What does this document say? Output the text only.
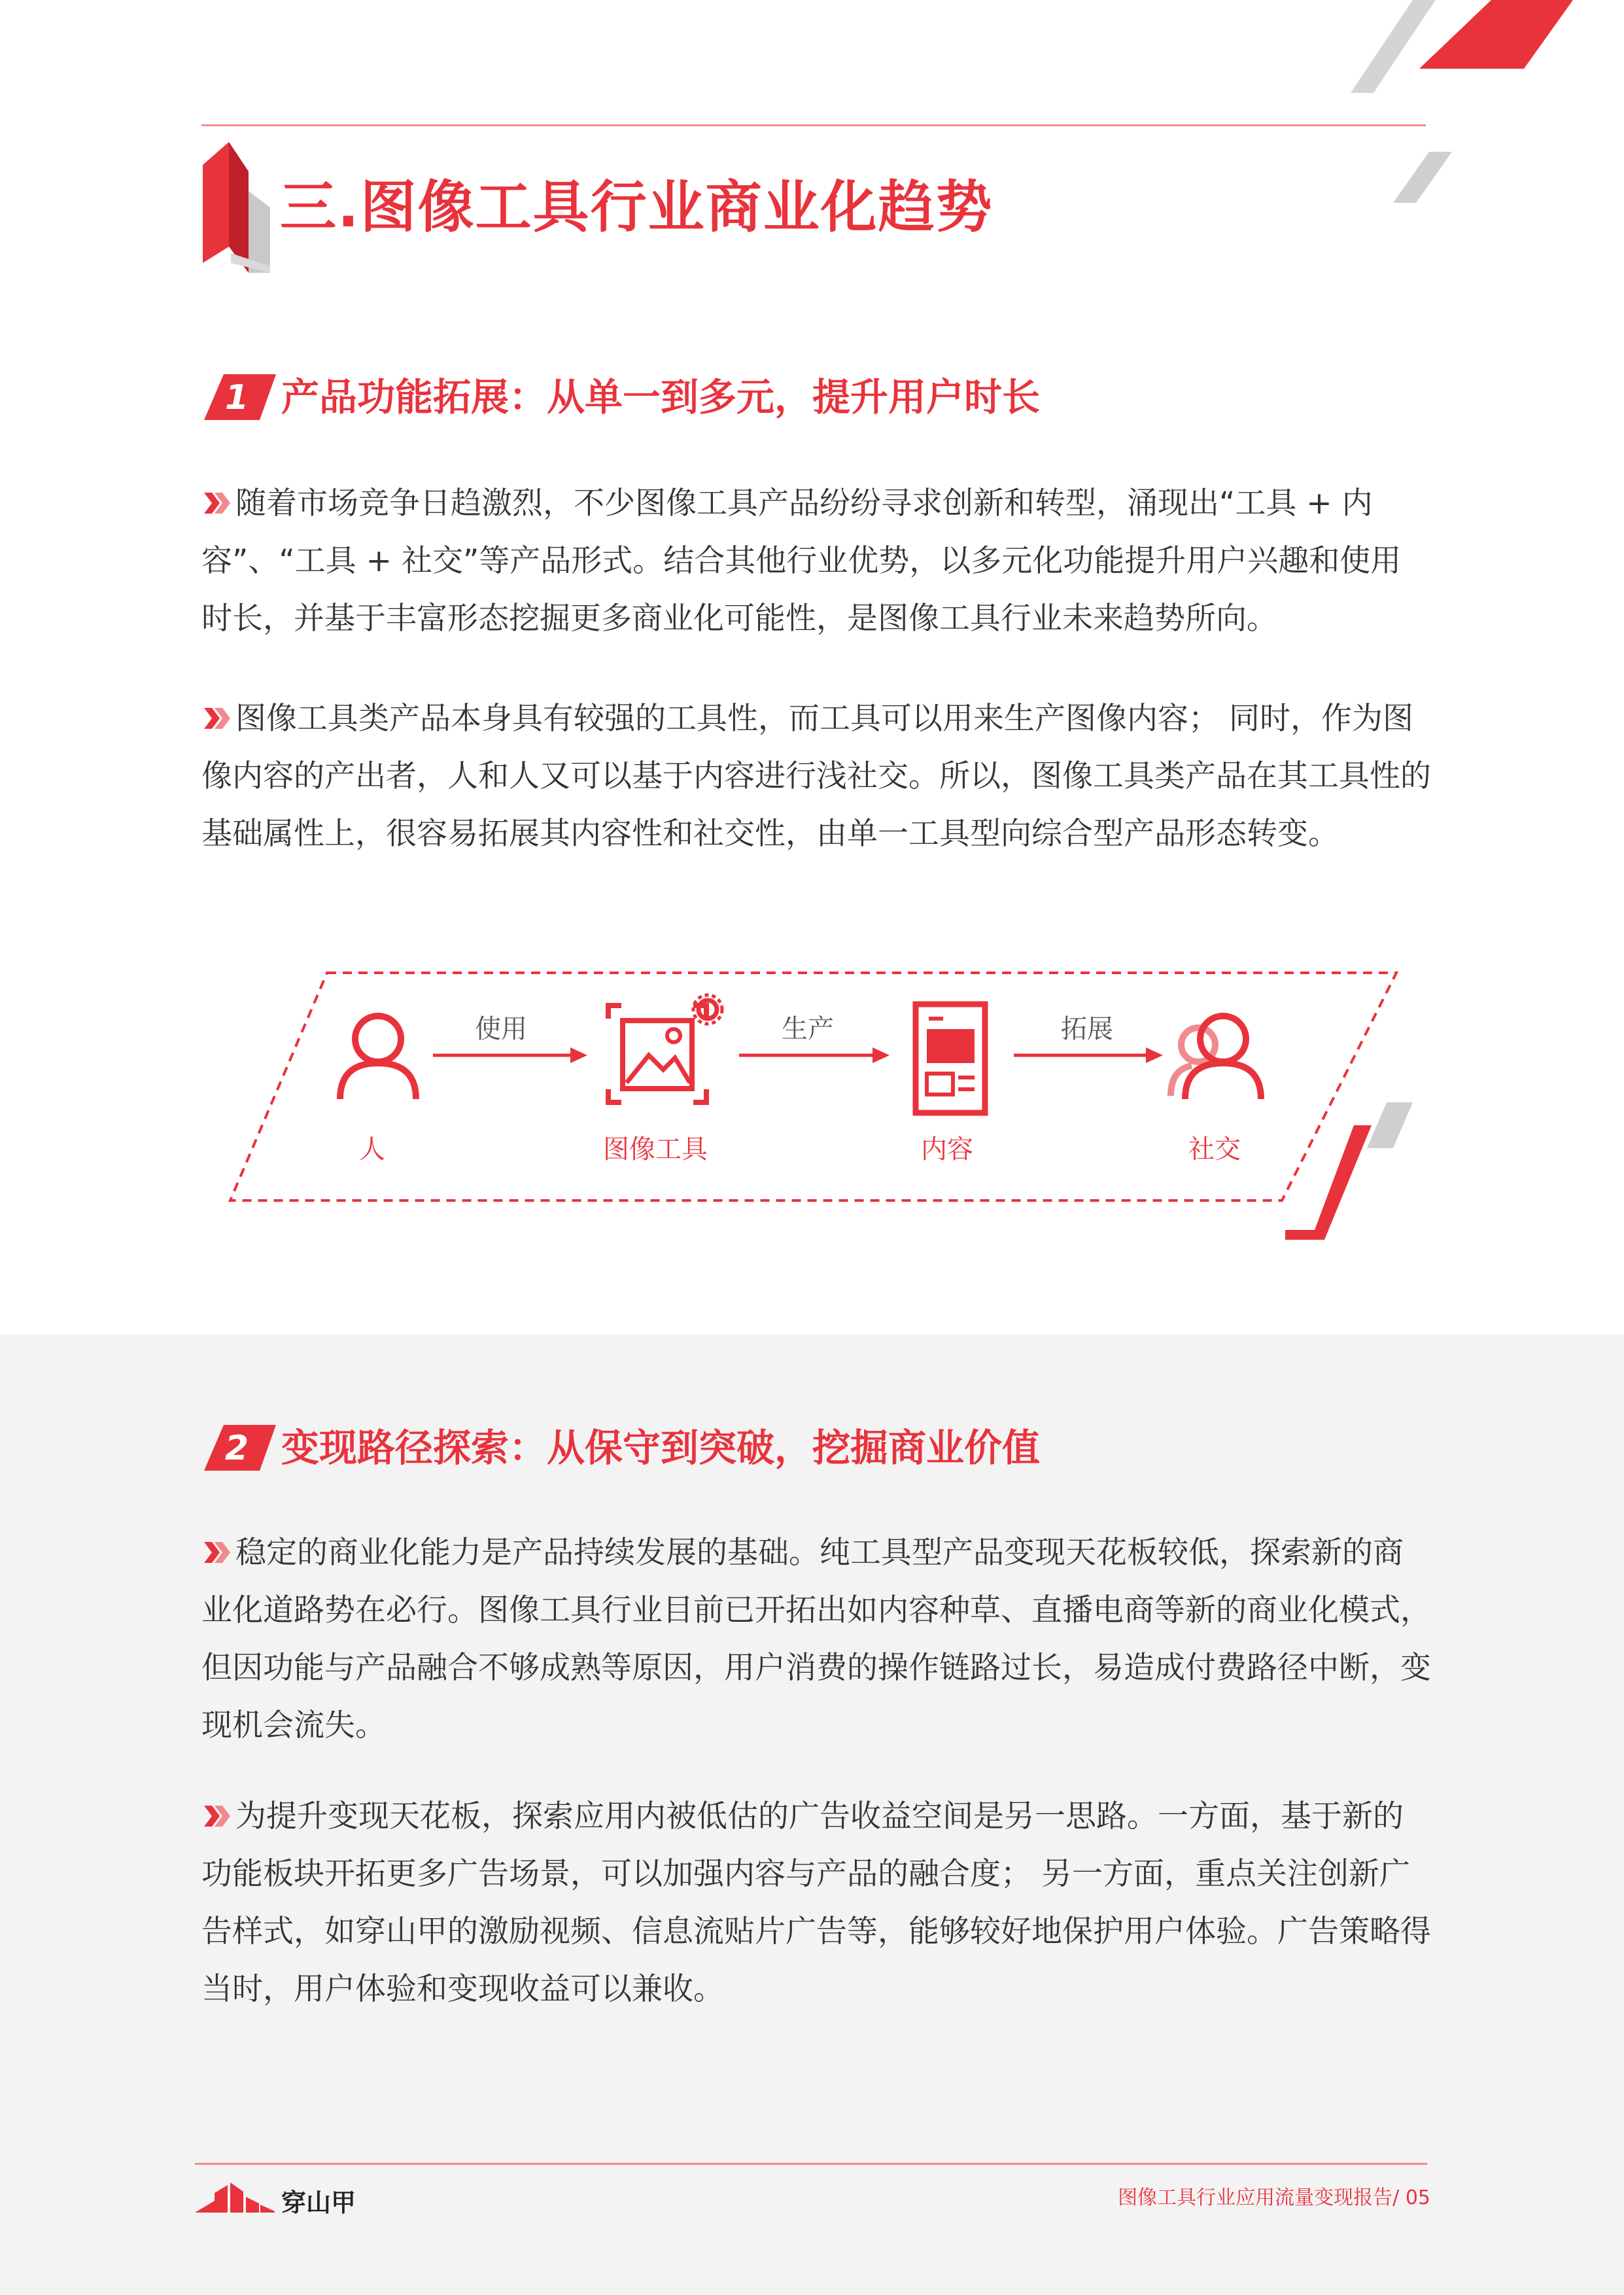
三.图像工具行业商业化趋势
1 产品功能拓展：从单一到多元，提升用户时长

随着市场竞争日趋激烈，不少图像工具产品纷纷寻求创新和转型，涌现出“工具 + 内容”、“工具 + 社交”等产品形式。结合其他行业优势，以多元化功能提升用户兴趣和使用时长，并基于丰富形态挖掘更多商业化可能性，是图像工具行业未来趋势所向。

图像工具类产品本身具有较强的工具性，而工具可以用来生产图像内容； 同时，作为图像内容的产出者，人和人又可以基于内容进行浅社交。所以，图像工具类产品在其工具性的基础属性上，很容易拓展其内容性和社交性，由单一工具型向综合型产品形态转变。

使用	生产	拓展
人	图像工具	内容	社交
2 变现路径探索：从保守到突破，挖掘商业价值

稳定的商业化能力是产品持续发展的基础。纯工具型产品变现天花板较低，探索新的商业化道路势在必行。图像工具行业目前已开拓出如内容种草、直播电商等新的商业化模式，但因功能与产品融合不够成熟等原因，用户消费的操作链路过长，易造成付费路径中断，变现机会流失。

为提升变现天花板，探索应用内被低估的广告收益空间是另一思路。一方面，基于新的功能板块开拓更多广告场景，可以加强内容与产品的融合度； 另一方面，重点关注创新广告样式，如穿山甲的激励视频、信息流贴片广告等，能够较好地保护用户体验。广告策略得当时，用户体验和变现收益可以兼收。

穿山甲	图像工具行业应用流量变现报告/ 05
